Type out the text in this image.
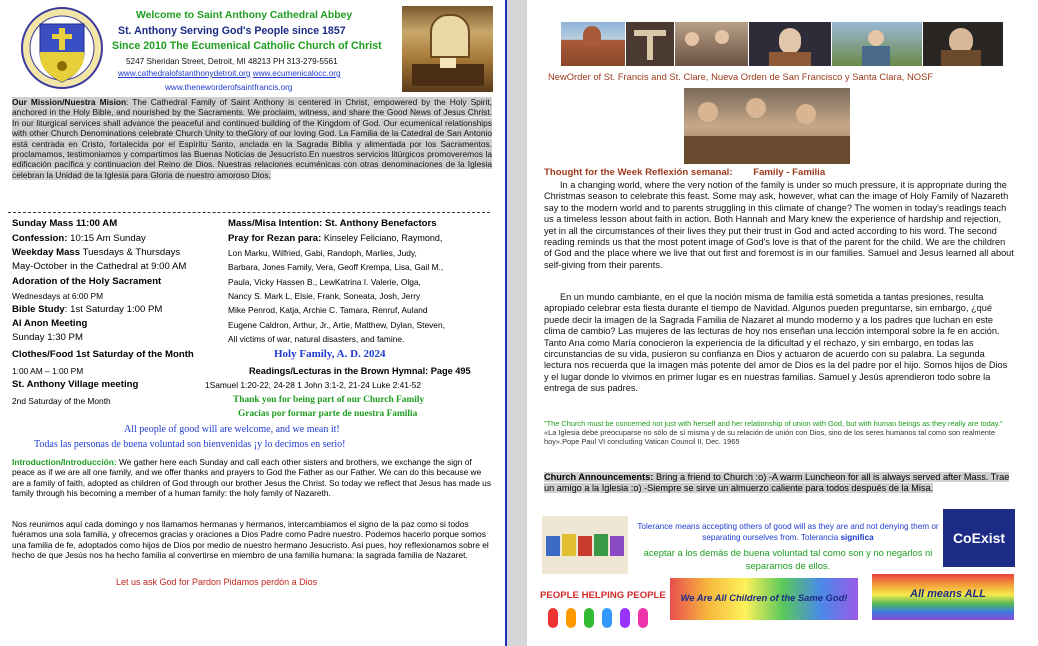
Welcome to Saint Anthony Cathedral Abbey

St. Anthony Serving God's People since 1857

Since 2010 The Ecumenical Catholic Church of Christ

5247 Sheridan Street, Detroit, MI 48213 PH 313-279-5561

www.cathedralofstanthonydetroit.org www.ecumenicalocc.org

www.theneworderofsaintfrancis.org

Our Mission/Nuestra Mision: The Cathedral Family of Saint Anthony is centered in Christ, empowered by the Holy Spirit, anchored in the Holy Bible, and nourished by the Sacraments. We proclaim, witness, and share the Good News of Jesus Christ. In our liturgical services shall advance the peaceful and continued building of the Kingdom of God. Our ecumenical relationships with other Church Denominations celebrate Church Unity to theGlory of our loving God. La Familia de la Catedral de San Antonio está centrada en Cristo, fortalecida por el Espíritu Santo, anclada en la Sagrada Biblia y alimentada por los Sacramentos. proclamamos, testimoniamos y compartimos las Buenas Noticias de Jesucristo.En nuestros servicios litúrgicos promoveremos la edificación pacífica y continuacion del Reino de Dios. Nuestras relaciones ecuménicas con otras denominaciones de la Iglesia celebran la Unidad de la Iglesia para Gloria de nuestro amoroso Dios.

Sunday Mass 11:00 AM

Confession: 10:15 Am Sunday

Weekday Mass Tuesdays & Thursdays

May-October in the Cathedral at 9:00 AM

Adoration of the Holy Sacrament

Wednesdays at 6:00 PM

Bible Study: 1st Saturday 1:00 PM

Al Anon Meeting

Sunday 1:30 PM

Clothes/Food 1st Saturday of the Month

1:00 AM – 1:00 PM

St. Anthony Village meeting

2nd Saturday of the Month

Mass/Misa Intention: St. Anthony Benefactors

Pray for Rezan para: Kinseley Feliciano, Raymond,

Lon Marku, Wilfried, Gabi, Randoph, Marlies, Judy,

Barbara, Jones Family, Vera, Geoff Krempa, Lisa, Gail M.,

Paula, Vicky Hassen B., LewKatrina I. Valerie, Olga,

Nancy S. Mark L, Elsie, Frank, Soneata, Josh, Jerry

Mike Penrod, Katja, Archie C. Tamara, Renruf, Auland

Eugene Caldron, Arthur, Jr., Artie, Matthew, Dylan, Steven,

All victims of war, natural disasters, and famine.

Holy Family, A. D. 2024

Readings/Lecturas in the Brown Hymnal: Page 495

1Samuel 1:20-22, 24-28 1 John 3:1-2, 21-24 Luke 2:41-52

Thank you for being part of our Church Family

Gracias por formar parte de nuestra Familia

All people of good will are welcome, and we mean it!

Todas las personas de buena voluntad son bienvenidas ¡y lo decimos en serio!

Introduction/Introducción: We gather here each Sunday and call each other sisters and brothers, we exchange the sign of peace as if we are all one family, and we offer thanks and prayers to God the Father as our Father. We can do this because we are a family of faith, adopted as children of God through our brother Jesus the Christ. So today we reflect that Jesus has made us family through his becoming a member of a human family: the holy family of Nazareth.
Nos reunimos aquí cada domingo y nos llamamos hermanas y hermanos, intercambiamos el signo de la paz como si todos fuéramos una sola familia, y ofrecemos gracias y oraciones a Dios Padre como Padre nuestro. Podemos hacerlo porque somos una familia de fe, adoptados como hijos de Dios por medio de nuestro hermano Jesucristo. Así pues, hoy reflexionamos sobre el hecho de que Jesús nos ha hecho familia al convertirse en miembro de una familia humana: la sagrada familia de Nazaret.

Let us ask God for Pardon Pidamos perdón a Dios

NewOrder of St. Francis and St. Clare, Nueva Orden de San Francisco y Santa Clara, NOSF

Thought for the Week Reflexión semanal: Family - Familia

In a changing world, where the very notion of the family is under so much pressure, it is appropriate during the Christmas season to celebrate this feast. Some may ask, however, what can the image of Holy Family of Nazareth say to the modern world and to parents struggling in this climate of change? The women in today's readings teach us a timeless lesson about faith in action. Both Hannah and Mary knew the experience of hardship and rejection, yet in all the circumstances of their lives they put their trust in God and acted according to his word. The second reading reminds us that the most potent image of God's love is that of the parent for the child. We are the children of God and the place where we live that out first and foremost is in our families. Samuel and Jesus learned all about self-giving from their parents.
En un mundo cambiante, en el que la noción misma de familia está sometida a tantas presiones, resulta apropiado celebrar esta fiesta durante el tiempo de Navidad. Algunos pueden preguntarse, sin embargo, ¿qué puede decir la imagen de la Sagrada Familia de Nazaret al mundo moderno y a los padres que luchan en este clima de cambio? Las mujeres de las lecturas de hoy nos enseñan una lección intemporal sobre la fe en acción. Tanto Ana como María conocieron la experiencia de la dificultad y el rechazo, y sin embargo, en todas las circunstancias de su vida, pusieron su confianza en Dios y actuaron de acuerdo con su palabra. La segunda lectura nos recuerda que la imagen más potente del amor de Dios es la del padre por el hijo. Somos hijos de Dios y el lugar donde lo vivimos en primer lugar es en nuestras familias. Samuel y Jesús aprendieron todo sobre la entrega de sus padres.
"The Church must be concerned not just with herself and her relationship of union with God, but with human beings as they really are today." «La Iglesia debe preocuparse no sólo de sí misma y de su relación de unión con Dios, sino de los seres humanos tal como son realmente hoy».Pope Paul VI concluding Vatican Council II, Dec. 1965
Church Announcements: Bring a friend to Church :o) -A warm Luncheon for all is always served after Mass. Trae un amigo a la Iglesia :o) -Siempre se sirve un almuerzo caliente para todos después de la Misa.
Tolerance means accepting others of good will as they are and not denying them or separating ourselves from. Tolerancia significa
aceptar a los demás de buena voluntad tal como son y no negarlos ni separarnos de ellos.
CoExist
PEOPLE HELPING PEOPLE We Are All Children of the Same God!	All means ALL
